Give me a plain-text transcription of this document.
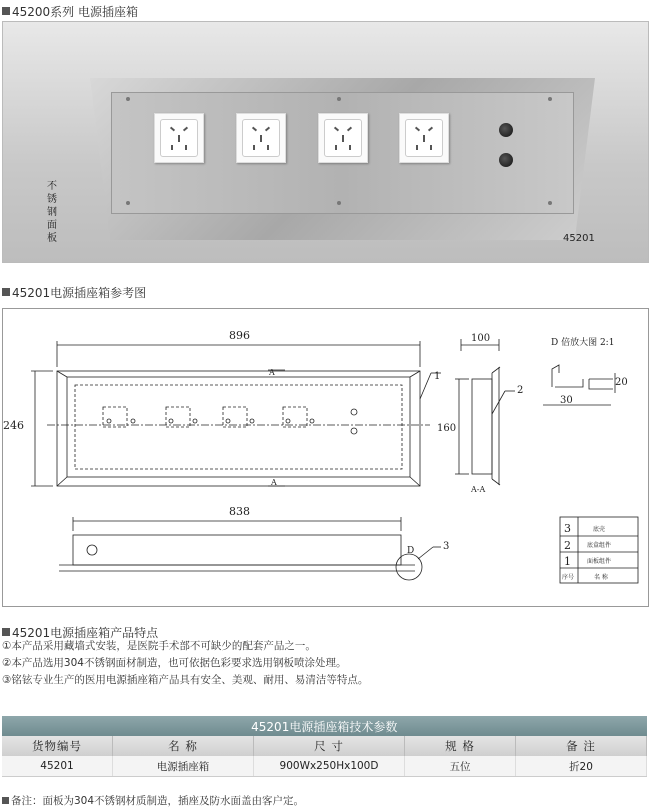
45200系列 电源插座箱
不锈钢面板	45201
45201电源插座箱参考图
896
246
838
A
A
1
2
3
D
100
160
A-A
D 倍放大图 2:1
20
30
3	底壳
2	底盒组件
1	面板组件
序号	名 称
45201电源插座箱产品特点
①本产品采用藏墙式安装，是医院手术部不可缺少的配套产品之一。
②本产品选用304不锈钢面材制造，也可依据色彩要求选用钢板喷涂处理。
③铭铉专业生产的医用电源插座箱产品具有安全、美观、耐用、易清洁等特点。
45201电源插座箱技术参数				
货物编号	名 称	尺 寸	规 格	备 注
45201	电源插座箱	900Wx250Hx100D	五位	折20
备注：面板为304不锈钢材质制造，插座及防水面盖由客户定。
